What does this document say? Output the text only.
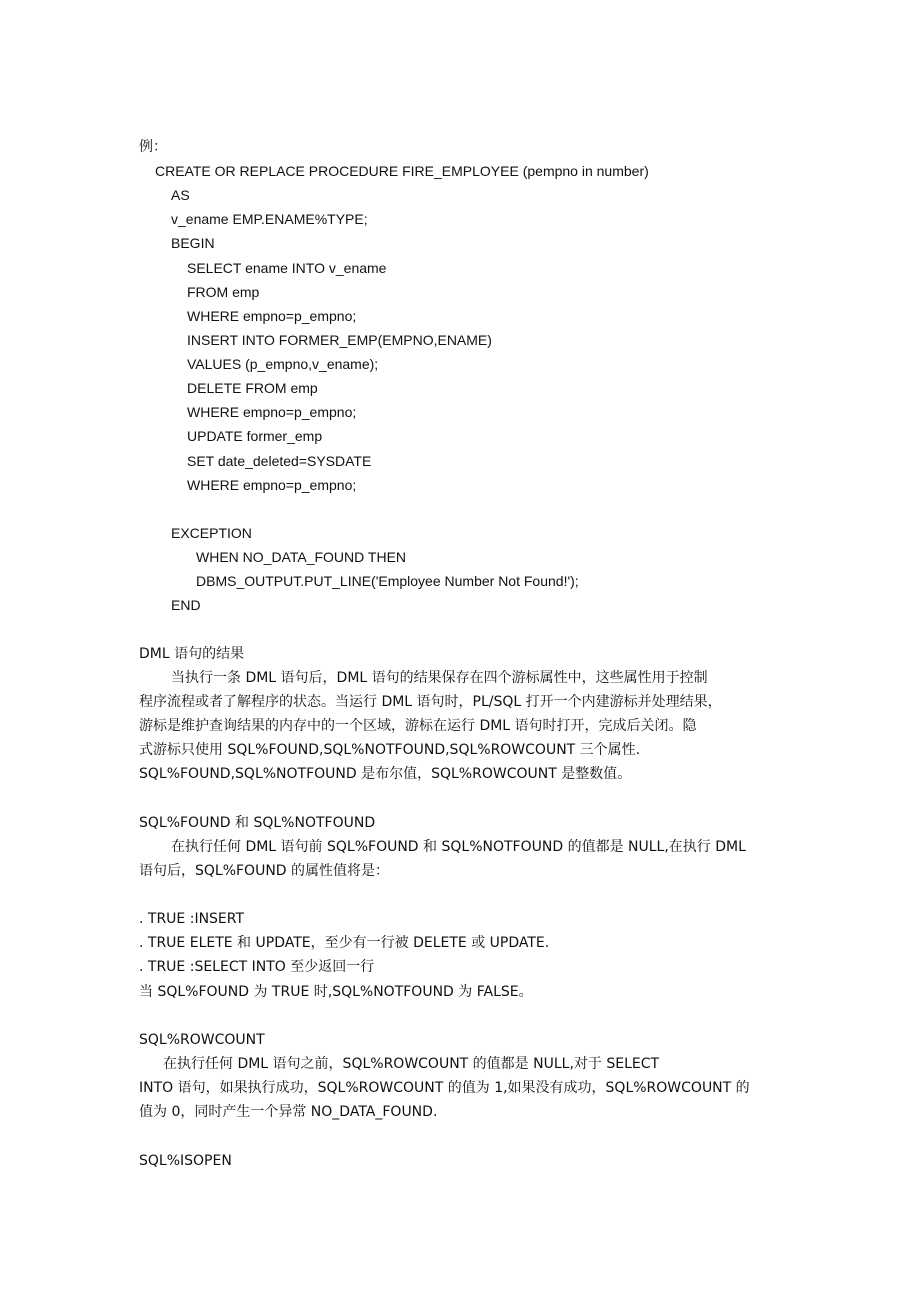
例：
CREATE OR REPLACE PROCEDURE FIRE_EMPLOYEE (pempno in number)
AS
v_ename EMP.ENAME%TYPE;
BEGIN
SELECT ename INTO v_ename
FROM emp
WHERE empno=p_empno;
INSERT INTO FORMER_EMP(EMPNO,ENAME)
VALUES (p_empno,v_ename);
DELETE FROM emp
WHERE empno=p_empno;
UPDATE former_emp
SET date_deleted=SYSDATE
WHERE empno=p_empno;
EXCEPTION
WHEN NO_DATA_FOUND THEN
DBMS_OUTPUT.PUT_LINE('Employee Number Not Found!');
END
DML 语句的结果
当执行一条 DML 语句后，DML 语句的结果保存在四个游标属性中，这些属性用于控制
程序流程或者了解程序的状态。当运行 DML 语句时，PL/SQL 打开一个内建游标并处理结果，
游标是维护查询结果的内存中的一个区域，游标在运行 DML 语句时打开，完成后关闭。隐
式游标只使用 SQL%FOUND,SQL%NOTFOUND,SQL%ROWCOUNT 三个属性.
SQL%FOUND,SQL%NOTFOUND 是布尔值，SQL%ROWCOUNT 是整数值。
SQL%FOUND 和 SQL%NOTFOUND
在执行任何 DML 语句前 SQL%FOUND 和 SQL%NOTFOUND 的值都是 NULL,在执行 DML
语句后，SQL%FOUND 的属性值将是：
. TRUE :INSERT
. TRUE ELETE 和 UPDATE，至少有一行被 DELETE 或 UPDATE.
. TRUE :SELECT INTO 至少返回一行
当 SQL%FOUND 为 TRUE 时,SQL%NOTFOUND 为 FALSE。
SQL%ROWCOUNT
在执行任何 DML 语句之前，SQL%ROWCOUNT 的值都是 NULL,对于 SELECT
INTO 语句，如果执行成功，SQL%ROWCOUNT 的值为 1,如果没有成功，SQL%ROWCOUNT 的
值为 0，同时产生一个异常 NO_DATA_FOUND.
SQL%ISOPEN
